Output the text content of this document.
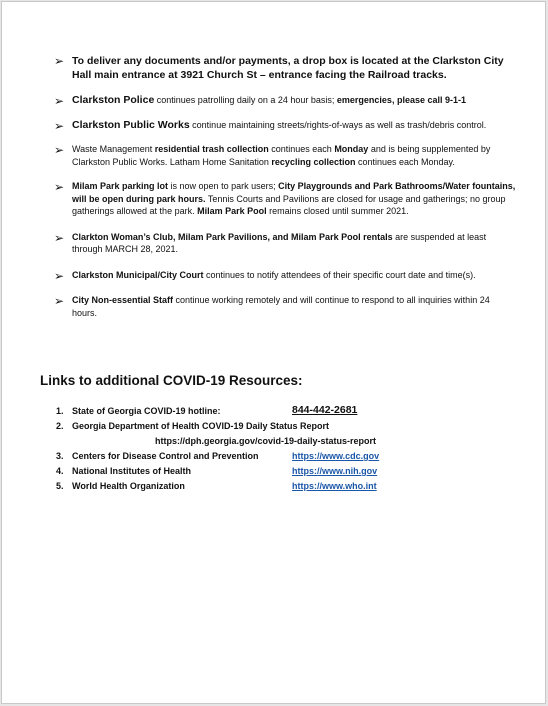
➢ To deliver any documents and/or payments, a drop box is located at the Clarkston City Hall main entrance at 3921 Church St – entrance facing the Railroad tracks.
➢ Clarkston Police continues patrolling daily on a 24 hour basis; emergencies, please call 9-1-1
➢ Clarkston Public Works continue maintaining streets/rights-of-ways as well as trash/debris control.
➢ Waste Management residential trash collection continues each Monday and is being supplemented by Clarkston Public Works. Latham Home Sanitation recycling collection continues each Monday.
➢ Milam Park parking lot is now open to park users; City Playgrounds and Park Bathrooms/Water fountains, will be open during park hours. Tennis Courts and Pavilions are closed for usage and gatherings; no group gatherings allowed at the park. Milam Park Pool remains closed until summer 2021.
➢ Clarkton Woman’s Club, Milam Park Pavilions, and Milam Park Pool rentals are suspended at least through MARCH 28, 2021.
➢ Clarkston Municipal/City Court continues to notify attendees of their specific court date and time(s).
➢ City Non-essential Staff continue working remotely and will continue to respond to all inquiries within 24 hours.
Links to additional COVID-19 Resources:
1. State of Georgia COVID-19 hotline:	844-442-2681
2. Georgia Department of Health COVID-19 Daily Status Report
https://dph.georgia.gov/covid-19-daily-status-report
3. Centers for Disease Control and Prevention	https://www.cdc.gov
4. National Institutes of Health	https://www.nih.gov
5. World Health Organization	https://www.who.int
